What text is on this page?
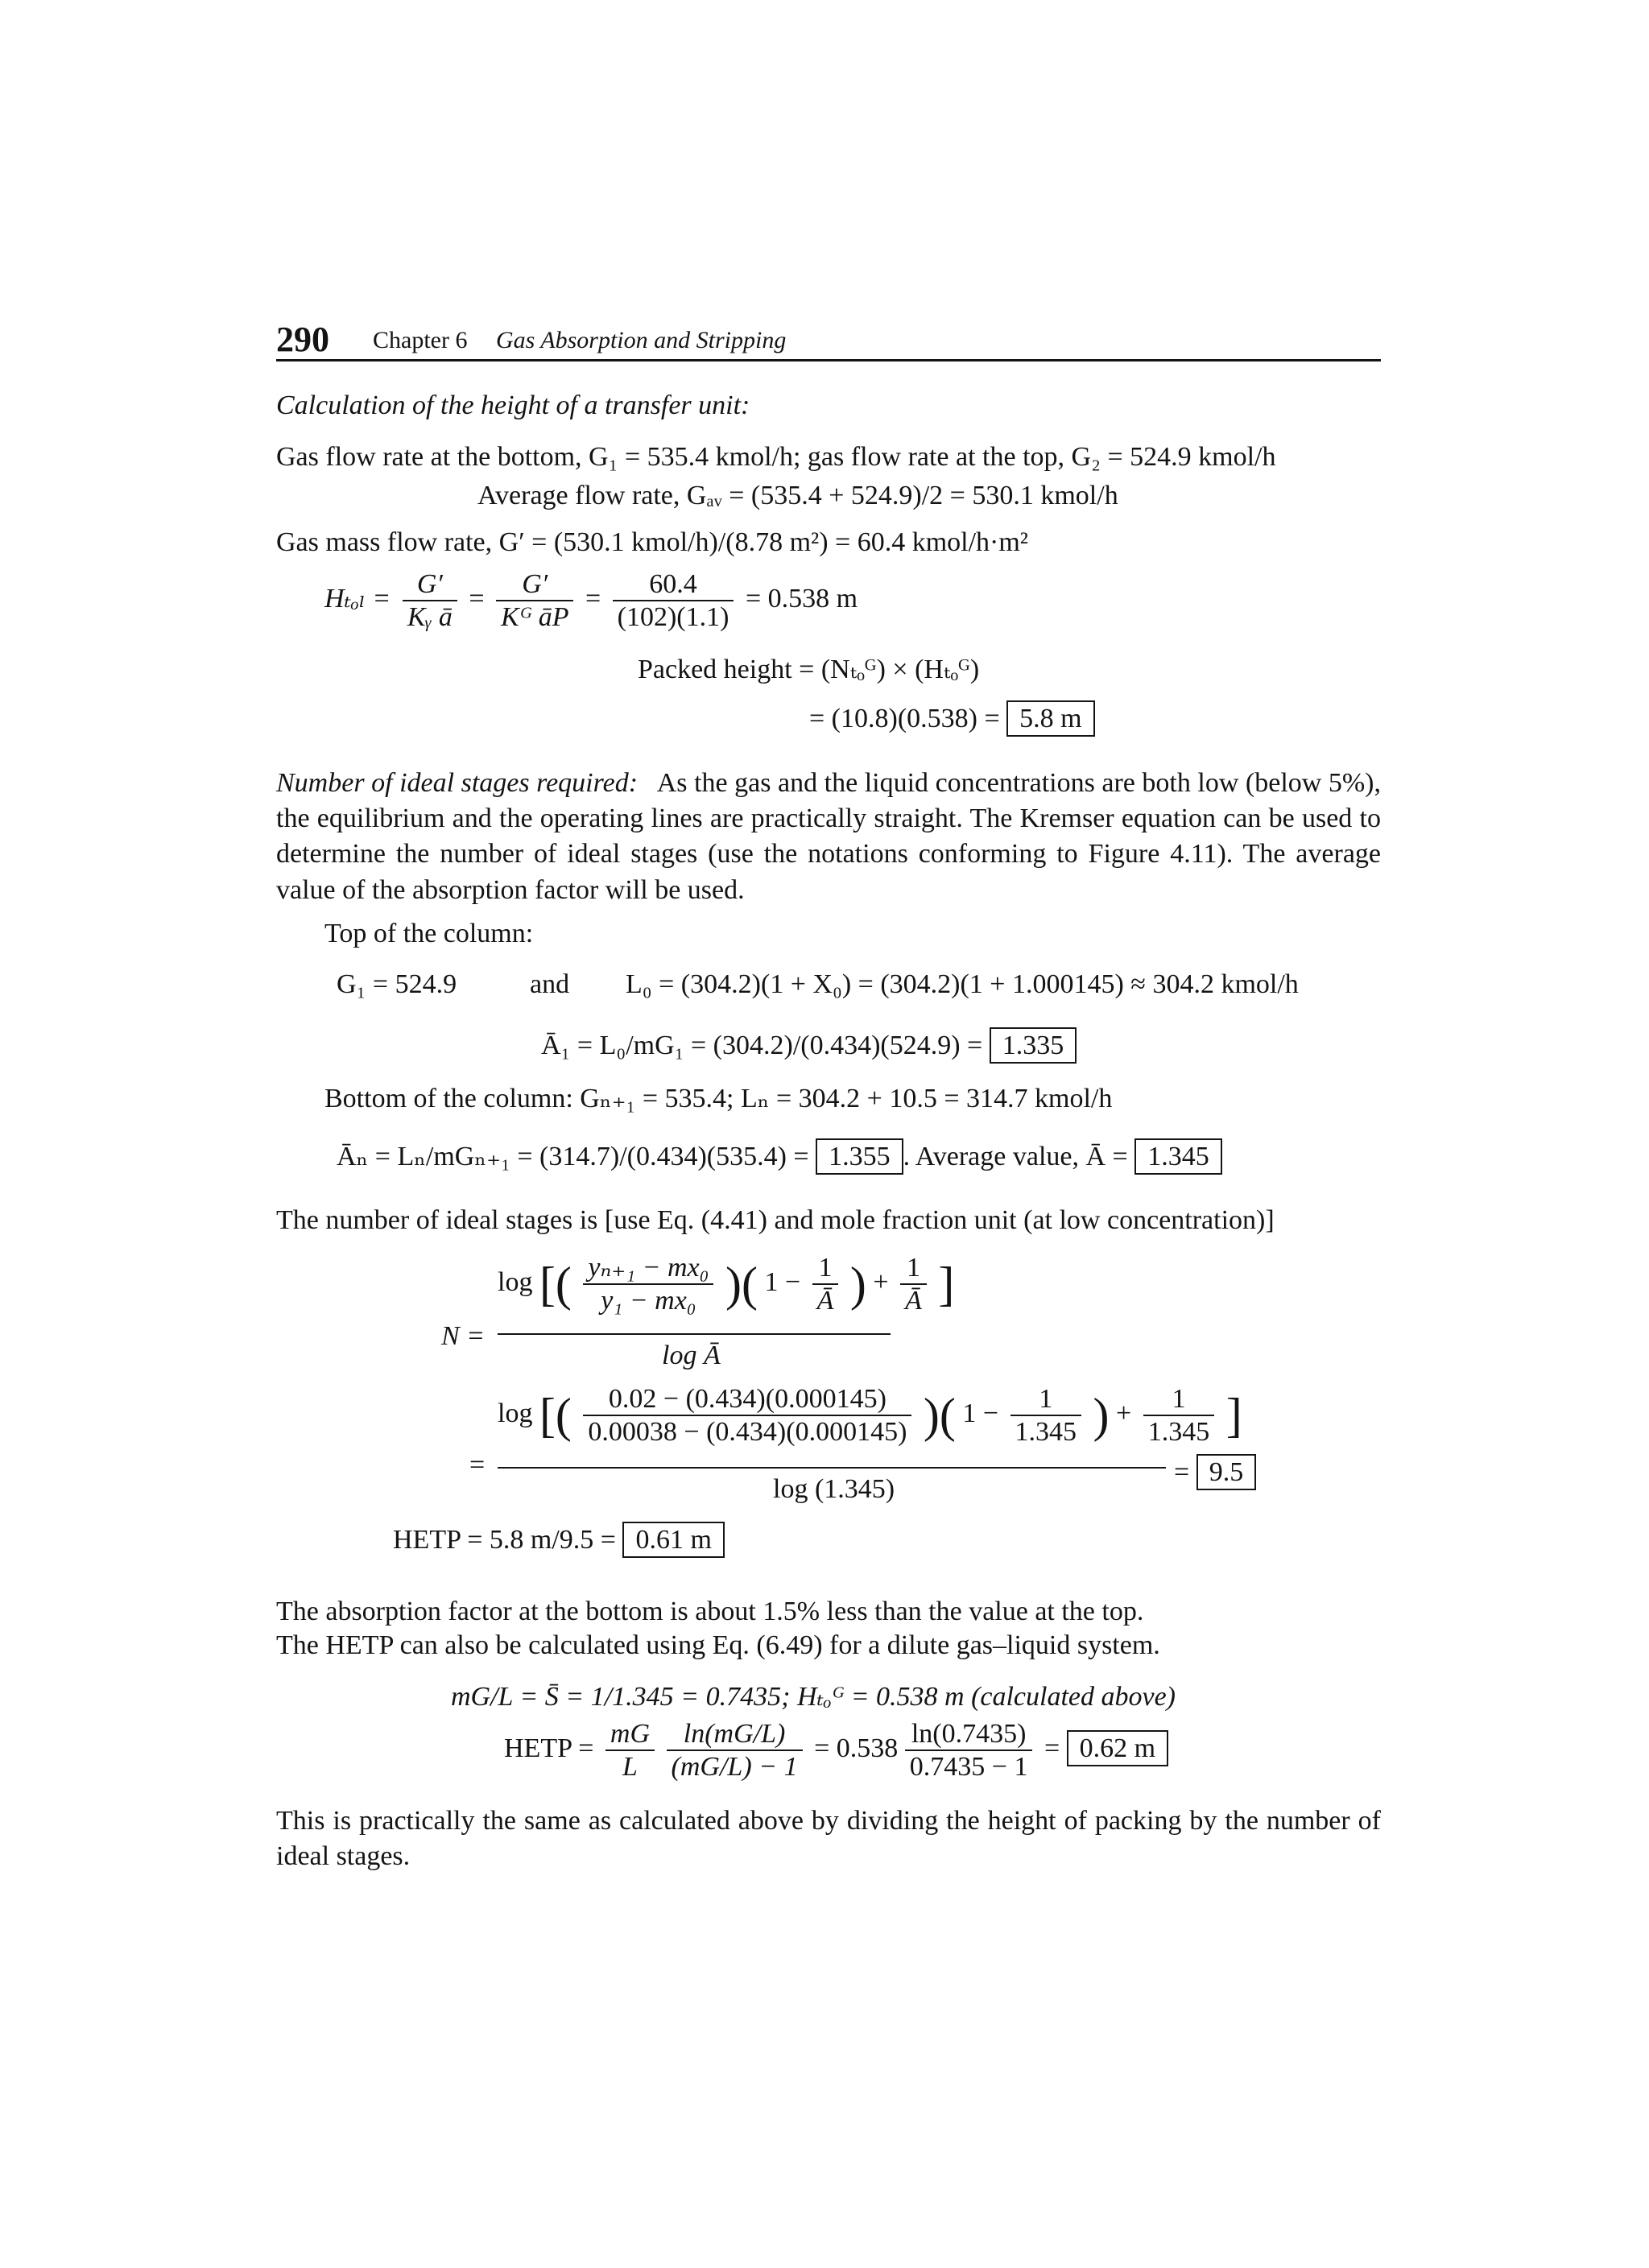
290 Chapter 6 Gas Absorption and Stripping
Calculation of the height of a transfer unit:
Gas flow rate at the bottom, G₁ = 535.4 kmol/h; gas flow rate at the top, G₂ = 524.9 kmol/h
Average flow rate, Gₐᵥ = (535.4 + 524.9)/2 = 530.1 kmol/h
Gas mass flow rate, G′ = (530.1 kmol/h)/(8.78 m²) = 60.4 kmol/h·m²
$H_{tol} = \frac{G'}{\text{Kᵧ ā}} = \frac{G'}{\text{Kᴳ āP}} = \frac{60.4}{(102)(1.1)} = 0.538$ m
Packed height = (Nₜₒᴳ) × (Hₜₒᴳ)
= (10.8)(0.538) = 5.8 m
Number of ideal stages required: As the gas and the liquid concentrations are both low (below 5%), the equilibrium and the operating lines are practically straight. The Kremser equation can be used to determine the number of ideal stages (use the notations conforming to Figure 4.11). The average value of the absorption factor will be used.
Top of the column:
G₁ = 524.9	and L₀ = (304.2)(1 + X₀) = (304.2)(1 + 1.000145) ≈ 304.2 kmol/h
Ā₁ = L₀/mG₁ = (304.2)/(0.434)(524.9) = 1.335
Bottom of the column: Gₙ₊₁ = 535.4; Lₙ = 304.2 + 10.5 = 314.7 kmol/h
Āₙ = Lₙ/mGₙ₊₁ = (314.7)/(0.434)(535.4) = 1.355 . Average value, Ā = 1.345
The number of ideal stages is [use Eq. (4.41) and mole fraction unit (at low concentration)]
N =
log [( $\frac{\text{yₙ₊₁ − mx₀}}{\text{y₁ − mx₀}}$ )( $1 - \frac{1}{Ā}$ ) + $\frac{1}{Ā}$ ]
log Ā
=
log [( $\frac{0.02 - (0.434)(0.000145)}{0.00038 - (0.434)(0.000145)}$ )( $1 - \frac{1}{1.345}$ ) + $\frac{1}{1.345}$ ]
log (1.345)
= 9.5
HETP = 5.8 m/9.5 = 0.61 m
The absorption factor at the bottom is about 1.5% less than the value at the top.
The HETP can also be calculated using Eq. (6.49) for a dilute gas–liquid system.
mG/L = S̄ = 1/1.345 = 0.7435; Hₜₒᴳ = 0.538 m (calculated above)
HETP = $\frac{mG}{L}$
$\frac{\ln(mG/L)}{(mG/L) - 1} = 0.538 \frac{\ln(0.7435)}{0.7435 - 1} = 0.62$ m
This is practically the same as calculated above by dividing the height of packing by the number of ideal stages.
